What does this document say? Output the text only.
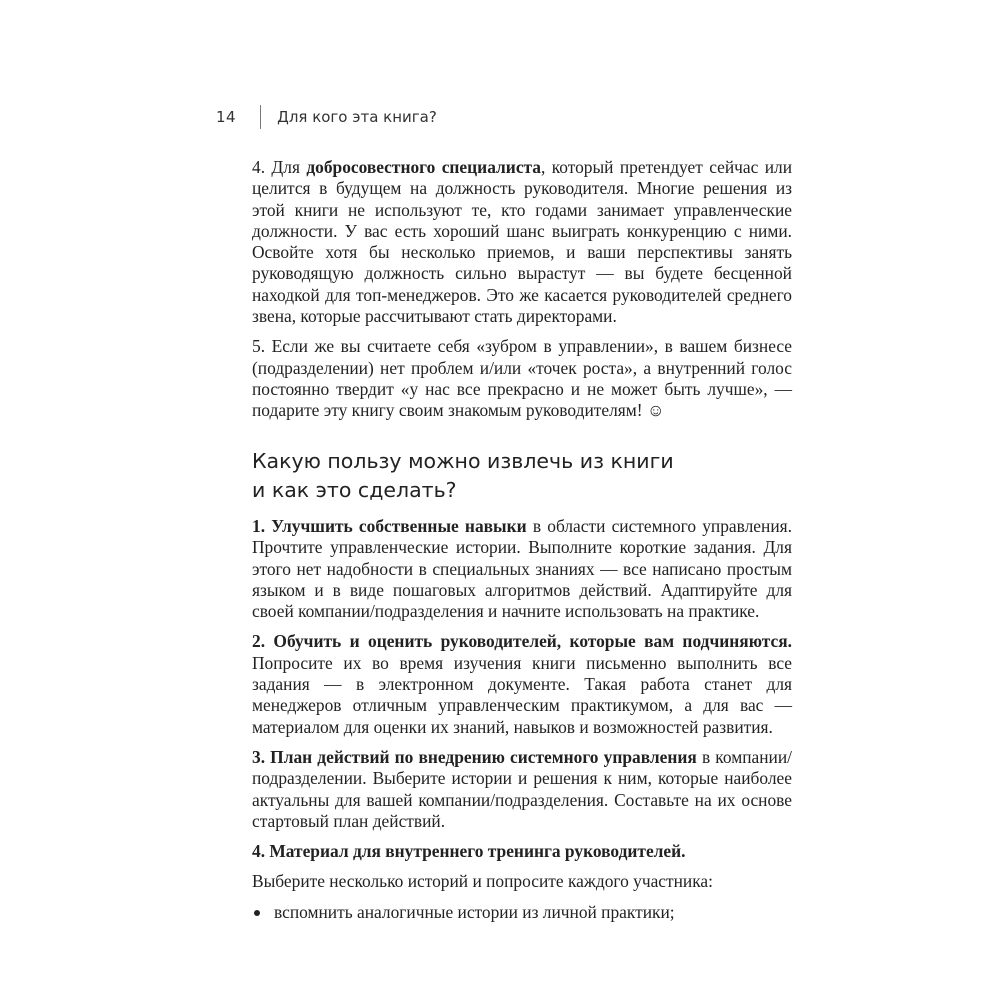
14	Для кого эта книга?

4. Для добросовестного специалиста, который претендует сейчас или целится в будущем на должность руководителя. Многие решения из этой книги не используют те, кто годами занимает управленческие должности. У вас есть хороший шанс выиграть конкуренцию с ними. Освойте хотя бы несколько приемов, и ваши перспективы занять руководящую должность сильно вырастут — вы будете бесценной находкой для топ-менеджеров. Это же касается руководителей среднего звена, которые рассчитывают стать директорами.

5. Если же вы считаете себя «зубром в управлении», в вашем бизнесе (подразделении) нет проблем и/или «точек роста», а внутренний голос постоянно твердит «у нас все прекрасно и не может быть лучше», — подарите эту книгу своим знакомым руководителям! ☺

Какую пользу можно извлечь из книги
и как это сделать?

1. Улучшить собственные навыки в области системного управления. Прочтите управленческие истории. Выполните короткие задания. Для этого нет надобности в специальных знаниях — все написано простым языком и в виде пошаговых алгоритмов действий. Адаптируйте для своей компании/подразделения и начните использовать на практике.

2. Обучить и оценить руководителей, которые вам подчиняются. Попросите их во время изучения книги письменно выполнить все задания — в электронном документе. Такая работа станет для менеджеров отличным управленческим практикумом, а для вас — материалом для оценки их знаний, навыков и возможностей развития.

3. План действий по внедрению системного управления в компании/подразделении. Выберите истории и решения к ним, которые наиболее актуальны для вашей компании/подразделения. Составьте на их основе стартовый план действий.

4. Материал для внутреннего тренинга руководителей.

Выберите несколько историй и попросите каждого участника:

вспомнить аналогичные истории из личной практики;
